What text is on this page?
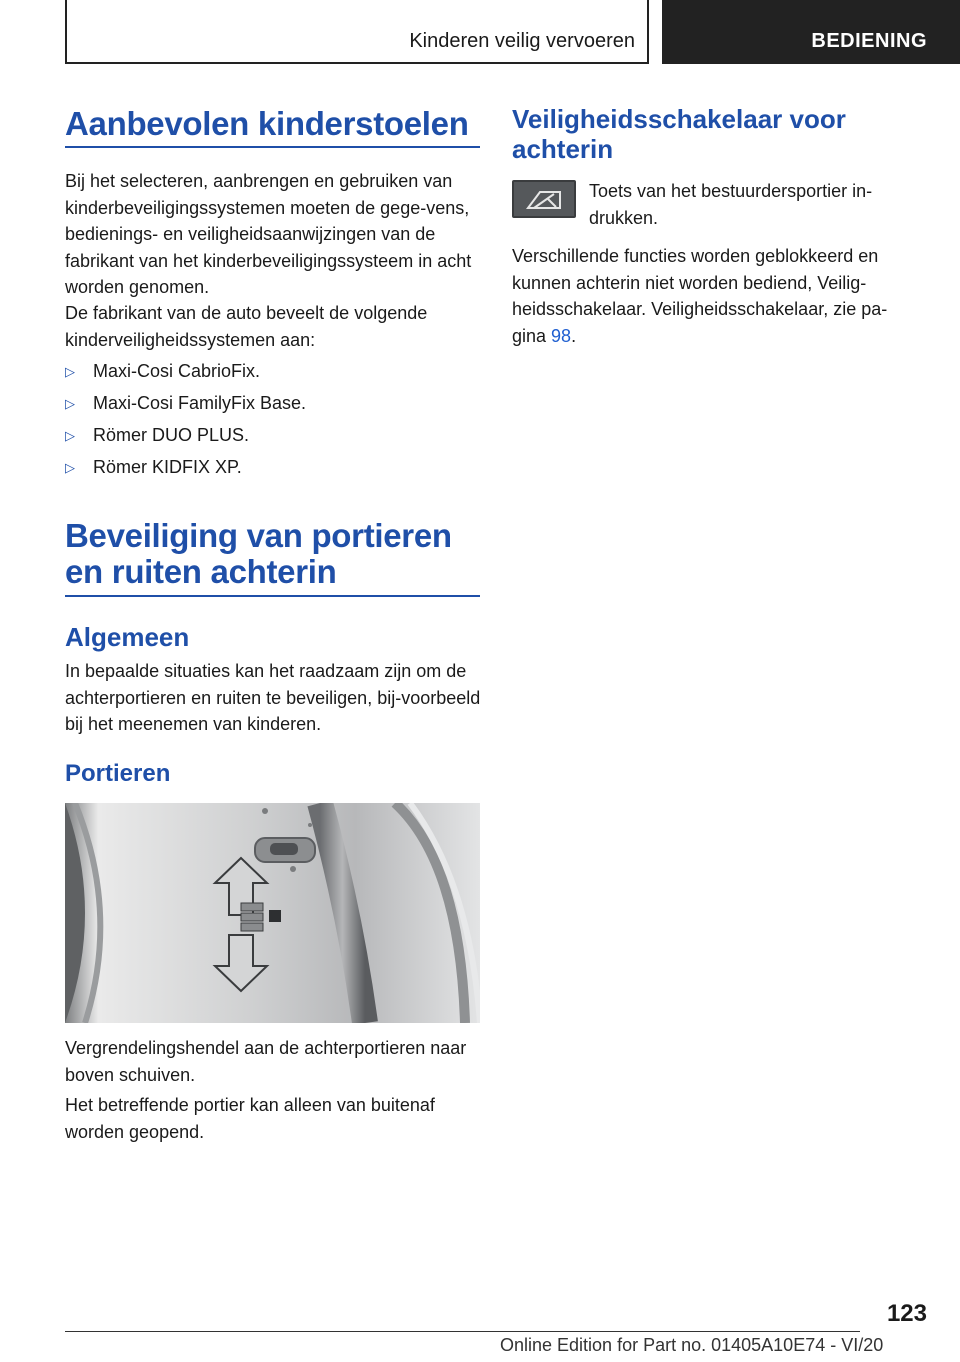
Kinderen veilig vervoeren	BEDIENING
Aanbevolen kinderstoelen

Bij het selecteren, aanbrengen en gebruiken van kinderbeveiligingssystemen moeten de gege-vens, bedienings- en veiligheidsaanwijzingen van de fabrikant van het kinderbeveiligingssysteem in acht worden genomen.

De fabrikant van de auto beveelt de volgende kinderveiligheidssystemen aan:

▷ Maxi-Cosi CabrioFix.
▷ Maxi-Cosi FamilyFix Base.
▷ Römer DUO PLUS.
▷ Römer KIDFIX XP.
Beveiliging van portieren
en ruiten achterin
Algemeen

In bepaalde situaties kan het raadzaam zijn om de achterportieren en ruiten te beveiligen, bij-voorbeeld bij het meenemen van kinderen.

Portieren

Vergrendelingshendel aan de achterportieren naar boven schuiven.

Het betreffende portier kan alleen van buitenaf worden geopend.

Veiligheidsschakelaar voor
achterin

Toets van het bestuurdersportier in-drukken.

Verschillende functies worden geblokkeerd en kunnen achterin niet worden bediend, Veilig-heidsschakelaar. Veiligheidsschakelaar, zie pa-gina 98.

123
Online Edition for Part no. 01405A10E74 - VI/20
